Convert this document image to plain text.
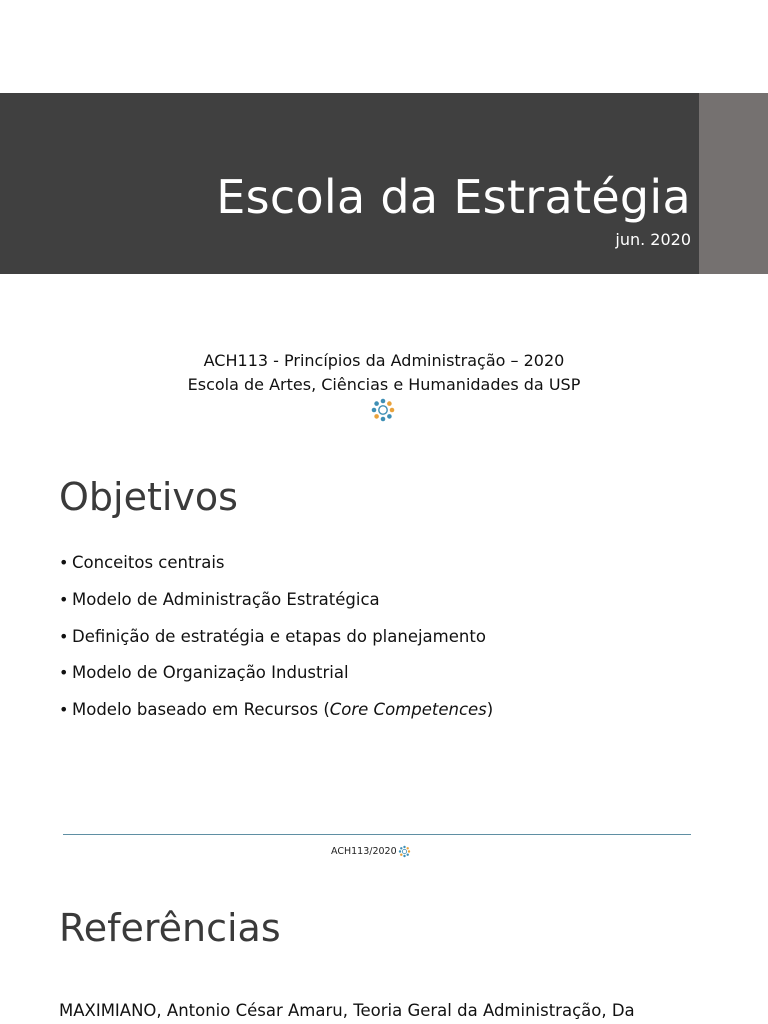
Escola da Estratégia
jun. 2020
ACH113 - Princípios da Administração – 2020
Escola de Artes, Ciências e Humanidades da USP
Objetivos
• Conceitos centrais
• Modelo de Administração Estratégica
• Definição de estratégia e etapas do planejamento
• Modelo de Organização Industrial
• Modelo baseado em Recursos (Core Competences)
ACH113/2020
Referências
MAXIMIANO, Antonio César Amaru, Teoria Geral da Administração, Da
